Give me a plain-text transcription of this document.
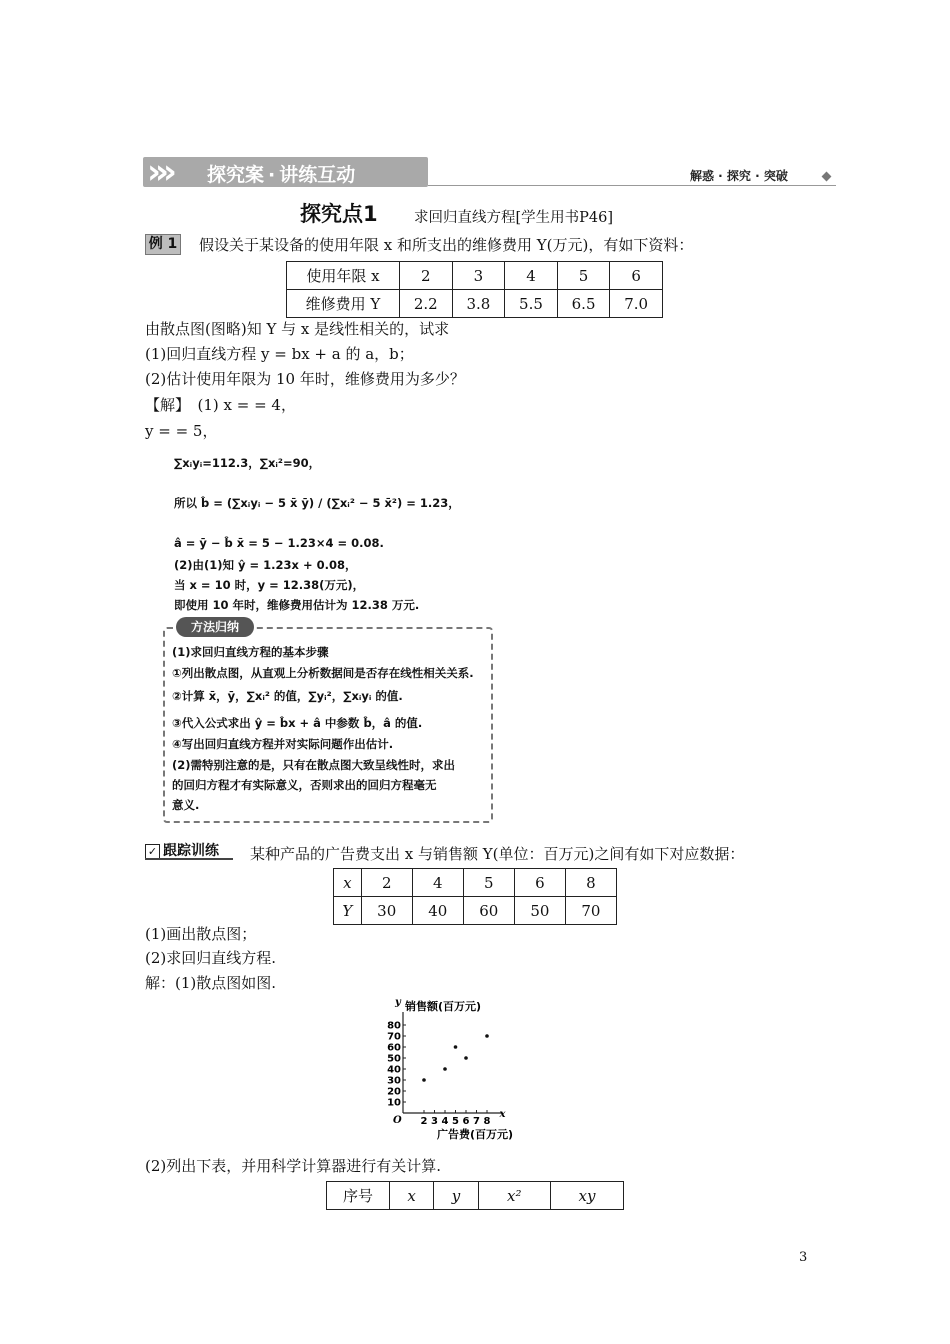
»» 探究案 · 讲练互动	解惑 · 探究 · 突破
探究点1	求回归直线方程[学生用书P46]
例 1 假设关于某设备的使用年限 x 和所支出的维修费用 Y(万元)，有如下资料：
使用年限 x	2	3	4	5	6
维修费用 Y	2.2	3.8	5.5	6.5	7.0
由散点图(图略)知 Y 与 x 是线性相关的，试求
(1)回归直线方程 y = bx + a 的 a，b；
(2)估计使用年限为 10 年时，维修费用为多少？
【解】　(1) x = = 4，
y = = 5，
∑xᵢyᵢ=112.3，∑xᵢ²=90，
所以 b̂ = (∑xᵢyᵢ − 5 x̄ ȳ) / (∑xᵢ² − 5 x̄²) = 1.23，
â = ȳ − b̂ x̄ = 5 − 1.23×4 = 0.08.
(2)由(1)知 ŷ = 1.23x + 0.08，
当 x = 10 时，y = 12.38(万元)，
即使用 10 年时，维修费用估计为 12.38 万元.
方法归纳
(1)求回归直线方程的基本步骤
①列出散点图，从直观上分析数据间是否存在线性相关关系.
②计算 x̄，ȳ，∑xᵢ² 的值，∑yᵢ²，∑xᵢyᵢ 的值.
③代入公式求出 ŷ = b̂x + â 中参数 b̂，â 的值.
④写出回归直线方程并对实际问题作出估计.
(2)需特别注意的是，只有在散点图大致呈线性时，求出
的回归方程才有实际意义，否则求出的回归方程毫无
意义.
✓ 跟踪训练 某种产品的广告费支出 x 与销售额 Y(单位：百万元)之间有如下对应数据：
x	2	4	5	6	8
Y	30	40	60	50	70
(1)画出散点图；
(2)求回归直线方程.
解：(1)散点图如图.
y 销售额(百万元)
x
广告费(百万元)
O
10
20
30
40
50
60
70
80
2 3 4 5 6 7 8
(2)列出下表，并用科学计算器进行有关计算.
序号	x	y	x²	xy
3
